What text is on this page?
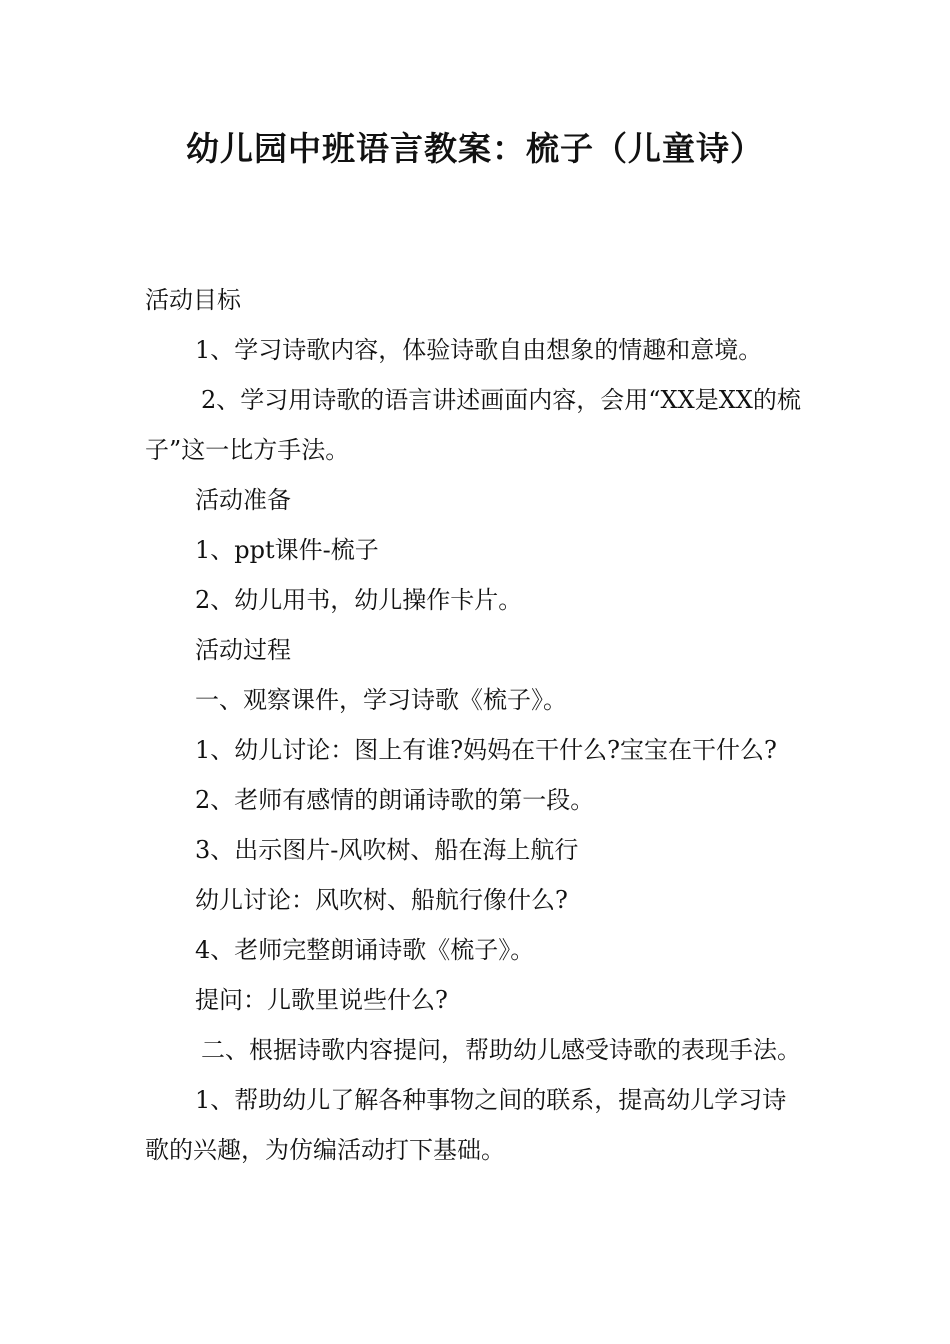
幼儿园中班语言教案：梳子（儿童诗）

活动目标

1、学习诗歌内容，体验诗歌自由想象的情趣和意境。

2、学习用诗歌的语言讲述画面内容，会用“XX是XX的梳子”这一比方手法。

活动准备

1、ppt课件-梳子

2、幼儿用书，幼儿操作卡片。

活动过程

一、观察课件，学习诗歌《梳子》。

1、幼儿讨论：图上有谁?妈妈在干什么?宝宝在干什么?

2、老师有感情的朗诵诗歌的第一段。

3、出示图片-风吹树、船在海上航行

幼儿讨论：风吹树、船航行像什么?

4、老师完整朗诵诗歌《梳子》。

提问：儿歌里说些什么?

二、根据诗歌内容提问，帮助幼儿感受诗歌的表现手法。

1、帮助幼儿了解各种事物之间的联系，提高幼儿学习诗歌的兴趣，为仿编活动打下基础。
